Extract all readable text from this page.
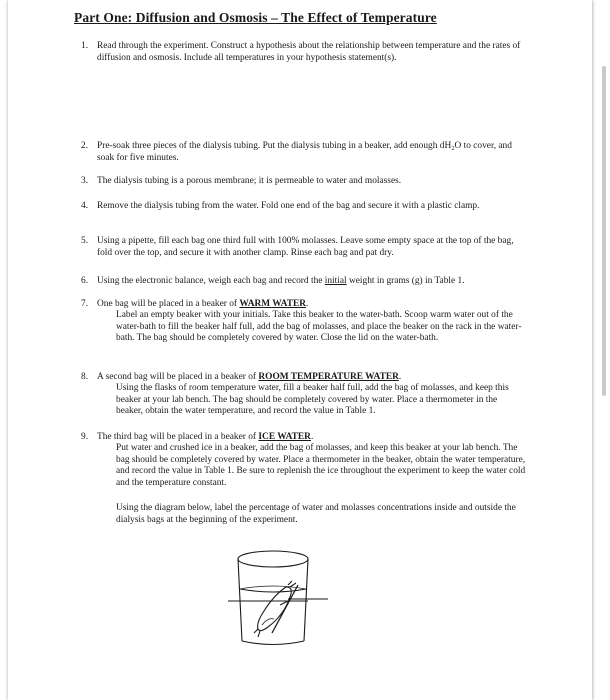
Part One: Diffusion and Osmosis – The Effect of Temperature
1. Read through the experiment. Construct a hypothesis about the relationship between temperature and the rates of diffusion and osmosis. Include all temperatures in your hypothesis statement(s).
2. Pre-soak three pieces of the dialysis tubing. Put the dialysis tubing in a beaker, add enough dH₂O to cover, and soak for five minutes.
3. The dialysis tubing is a porous membrane; it is permeable to water and molasses.
4. Remove the dialysis tubing from the water. Fold one end of the bag and secure it with a plastic clamp.
5. Using a pipette, fill each bag one third full with 100% molasses. Leave some empty space at the top of the bag, fold over the top, and secure it with another clamp. Rinse each bag and pat dry.
6. Using the electronic balance, weigh each bag and record the initial weight in grams (g) in Table 1.
7. One bag will be placed in a beaker of WARM WATER.
Label an empty beaker with your initials. Take this beaker to the water-bath. Scoop warm water out of the water-bath to fill the beaker half full, add the bag of molasses, and place the beaker on the rack in the water-bath. The bag should be completely covered by water. Close the lid on the water-bath.
8. A second bag will be placed in a beaker of ROOM TEMPERATURE WATER.
Using the flasks of room temperature water, fill a beaker half full, add the bag of molasses, and keep this beaker at your lab bench. The bag should be completely covered by water. Place a thermometer in the beaker, obtain the water temperature, and record the value in Table 1.
9. The third bag will be placed in a beaker of ICE WATER.
Put water and crushed ice in a beaker, add the bag of molasses, and keep this beaker at your lab bench. The bag should be completely covered by water. Place a thermometer in the beaker, obtain the water temperature, and record the value in Table 1. Be sure to replenish the ice throughout the experiment to keep the water cold and the temperature constant.
Using the diagram below, label the percentage of water and molasses concentrations inside and outside the dialysis bags at the beginning of the experiment.
